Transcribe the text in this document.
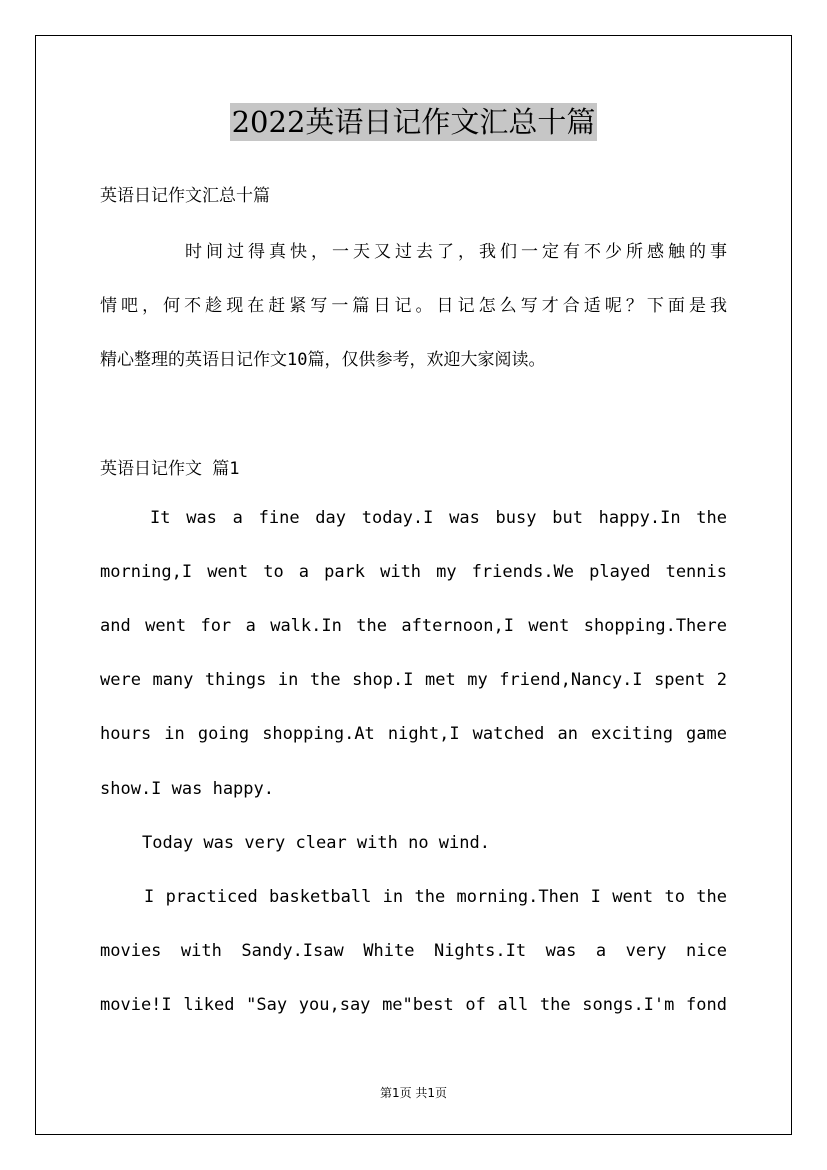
2022英语日记作文汇总十篇
英语日记作文汇总十篇
时间过得真快，一天又过去了，我们一定有不少所感触的事
情吧，何不趁现在赶紧写一篇日记。日记怎么写才合适呢？下面是我
精心整理的英语日记作文10篇，仅供参考，欢迎大家阅读。
英语日记作文 篇1
It was a fine day today.I was busy but happy.In the
morning,I went to a park with my friends.We played tennis
and went for a walk.In the afternoon,I went shopping.There
were many things in the shop.I met my friend,Nancy.I spent 2
hours in going shopping.At night,I watched an exciting game
show.I was happy.
Today was very clear with no wind.
I practiced basketball in the morning.Then I went to the
movies with Sandy.Isaw White Nights.It was a very nice
movie!I liked "Say you,say me"best of all the songs.I'm fond
第1页 共1页
